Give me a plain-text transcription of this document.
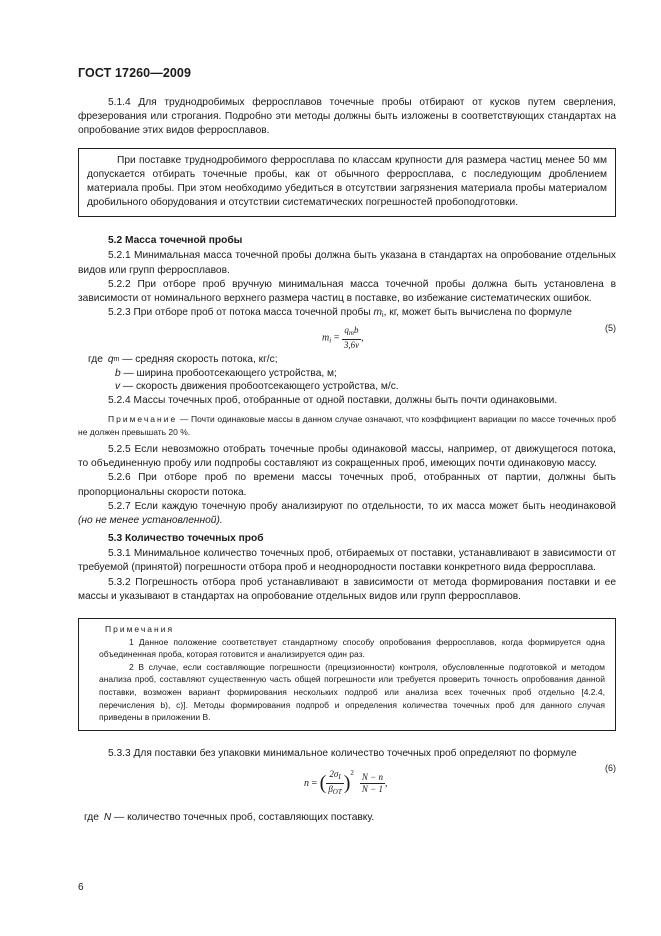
ГОСТ 17260—2009

5.1.4 Для труднодробимых ферросплавов точечные пробы отбирают от кусков путем сверления, фрезерования или строгания. Подробно эти методы должны быть изложены в соответствующих стандартах на опробование этих видов ферросплавов.

При поставке труднодробимого ферросплава по классам крупности для размера частиц менее 50 мм допускается отбирать точечные пробы, как от обычного ферросплава, с последующим дроблением материала пробы. При этом необходимо убедиться в отсутствии загрязнения материала пробы материалом дробильного оборудования и отсутствии систематических погрешностей пробоподготовки.

5.2 Масса точечной пробы

5.2.1 Минимальная масса точечной пробы должна быть указана в стандартах на опробование отдельных видов или групп ферросплавов.

5.2.2 При отборе проб вручную минимальная масса точечной пробы должна быть установлена в зависимости от номинального верхнего размера частиц в поставке, во избежание систематических ошибок.

5.2.3 При отборе проб от потока масса точечной пробы $m_i$, кг, может быть вычислена по формуле

$m_i = \frac{q_mb}{3,6v}$ ,
(5)
где q m — средняя скорость потока, кг/с;
b — ширина пробоотсекающего устройства, м;
v — скорость движения пробоотсекающего устройства, м/с.

5.2.4 Массы точечных проб, отобранные от одной поставки, должны быть почти одинаковыми.

Примечание — Почти одинаковые массы в данном случае означают, что коэффициент вариации по массе точечных проб не должен превышать 20 %.

5.2.5 Если невозможно отобрать точечные пробы одинаковой массы, например, от движущегося потока, то объединенную пробу или подпробы составляют из сокращенных проб, имеющих почти одинаковую массу.

5.2.6 При отборе проб по времени массы точечных проб, отобранных от партии, должны быть пропорциональны скорости потока.

5.2.7 Если каждую точечную пробу анализируют по отдельности, то их масса может быть неодинаковой (но не менее установленной).

5.3 Количество точечных проб

5.3.1 Минимальное количество точечных проб, отбираемых от поставки, устанавливают в зависимости от требуемой (принятой) погрешности отбора проб и неоднородности поставки конкретного вида ферросплава.

5.3.2 Погрешность отбора проб устанавливают в зависимости от метода формирования поставки и ее массы и указывают в стандартах на опробование отдельных видов или групп ферросплавов.

Примечания

1 Данное положение соответствует стандартному способу опробования ферросплавов, когда формируется одна объединенная проба, которая готовится и анализируется один раз.

2 В случае, если составляющие погрешности (прецизионности) контроля, обусловленные подготовкой и методом анализа проб, составляют существенную часть общей погрешности или требуется проверить точность опробования данной поставки, возможен вариант формирования нескольких подпроб или анализа всех точечных проб отдельно [4.2.4, перечисления b), c)]. Методы формирования подпроб и определения количества точечных проб для данного случая приведены в приложении В.

5.3.3 Для поставки без упаковки минимальное количество точечных проб определяют по формуле

n = ( $\frac{2\sigma_I}{\beta_{ОТ}} )^2 \frac{N - n}{N - 1}$ ,
(6)
где N — количество точечных проб, составляющих поставку.
6
